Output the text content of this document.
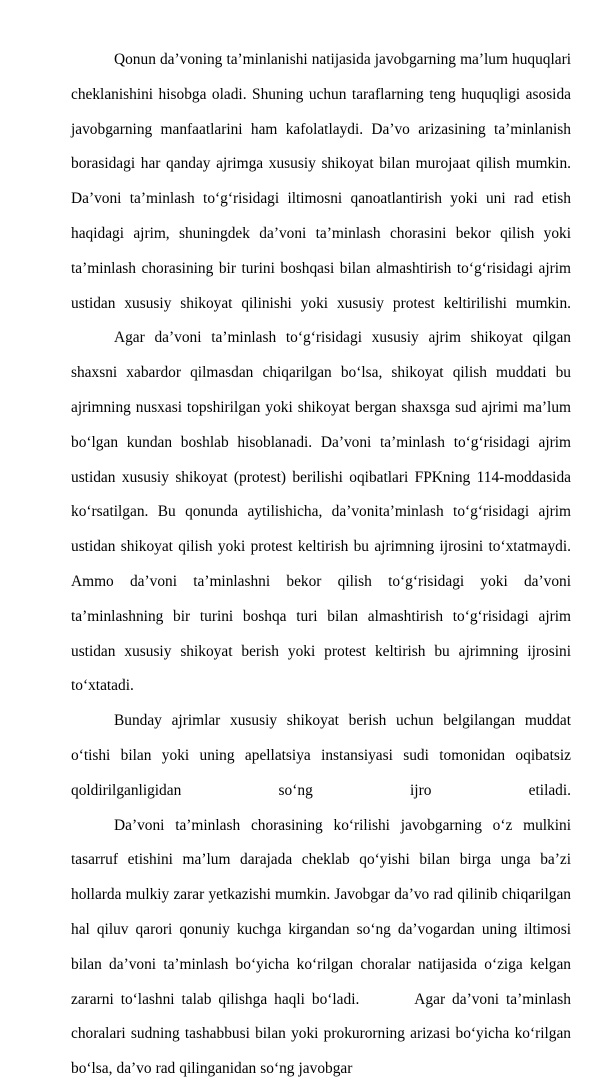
Qonun da’voning ta’minlanishi natijasida javobgarning ma’lum huquqlari cheklanishini hisobga oladi. Shuning uchun taraflarning teng huquqligi asosida javobgarning manfaatlarini ham kafolatlaydi. Da’vo arizasining ta’minlanish borasidagi har qanday ajrimga xususiy shikoyat bilan murojaat qilish mumkin. Da’voni ta’minlash to‘g‘risidagi iltimosni qanoatlantirish yoki uni rad etish haqidagi ajrim, shuningdek da’voni ta’minlash chorasini bekor qilish yoki ta’minlash chorasining bir turini boshqasi bilan almashtirish to‘g‘risidagi ajrim ustidan xususiy shikoyat qilinishi yoki xususiy protest keltirilishi mumkin.

Agar da’voni ta’minlash to‘g‘risidagi xususiy ajrim shikoyat qilgan shaxsni xabardor qilmasdan chiqarilgan bo‘lsa, shikoyat qilish muddati bu ajrimning nusxasi topshirilgan yoki shikoyat bergan shaxsga sud ajrimi ma’lum bo‘lgan kundan boshlab hisoblanadi. Da’voni ta’minlash to‘g‘risidagi ajrim ustidan xususiy shikoyat (protest) berilishi oqibatlari FPKning 114-moddasida ko‘rsatilgan. Bu qonunda aytilishicha, da’vonita’minlash to‘g‘risidagi ajrim ustidan shikoyat qilish yoki protest keltirish bu ajrimning ijrosini to‘xtatmaydi. Ammo da’voni ta’minlashni bekor qilish to‘g‘risidagi yoki da’voni ta’minlashning bir turini boshqa turi bilan almashtirish to‘g‘risidagi ajrim ustidan xususiy shikoyat berish yoki protest keltirish bu ajrimning ijrosini to‘xtatadi.

Bunday ajrimlar xususiy shikoyat berish uchun belgilangan muddat o‘tishi bilan yoki uning apellatsiya instansiyasi sudi tomonidan oqibatsiz qoldirilganligidan so‘ng ijro etiladi.

Da’voni ta’minlash chorasining ko‘rilishi javobgarning o‘z mulkini tasarruf etishini ma’lum darajada cheklab qo‘yishi bilan birga unga ba’zi hollarda mulkiy zarar yetkazishi mumkin. Javobgar da’vo rad qilinib chiqarilgan hal qiluv qarori qonuniy kuchga kirgandan so‘ng da’vogardan uning iltimosi bilan da’voni ta’minlash bo‘yicha ko‘rilgan choralar natijasida o‘ziga kelgan zararni to‘lashni talab qilishga haqli bo‘ladi.	Agar da’voni ta’minlash choralari sudning tashabbusi bilan yoki prokurorning arizasi bo‘yicha ko‘rilgan bo‘lsa, da’vo rad qilinganidan so‘ng javobgar
